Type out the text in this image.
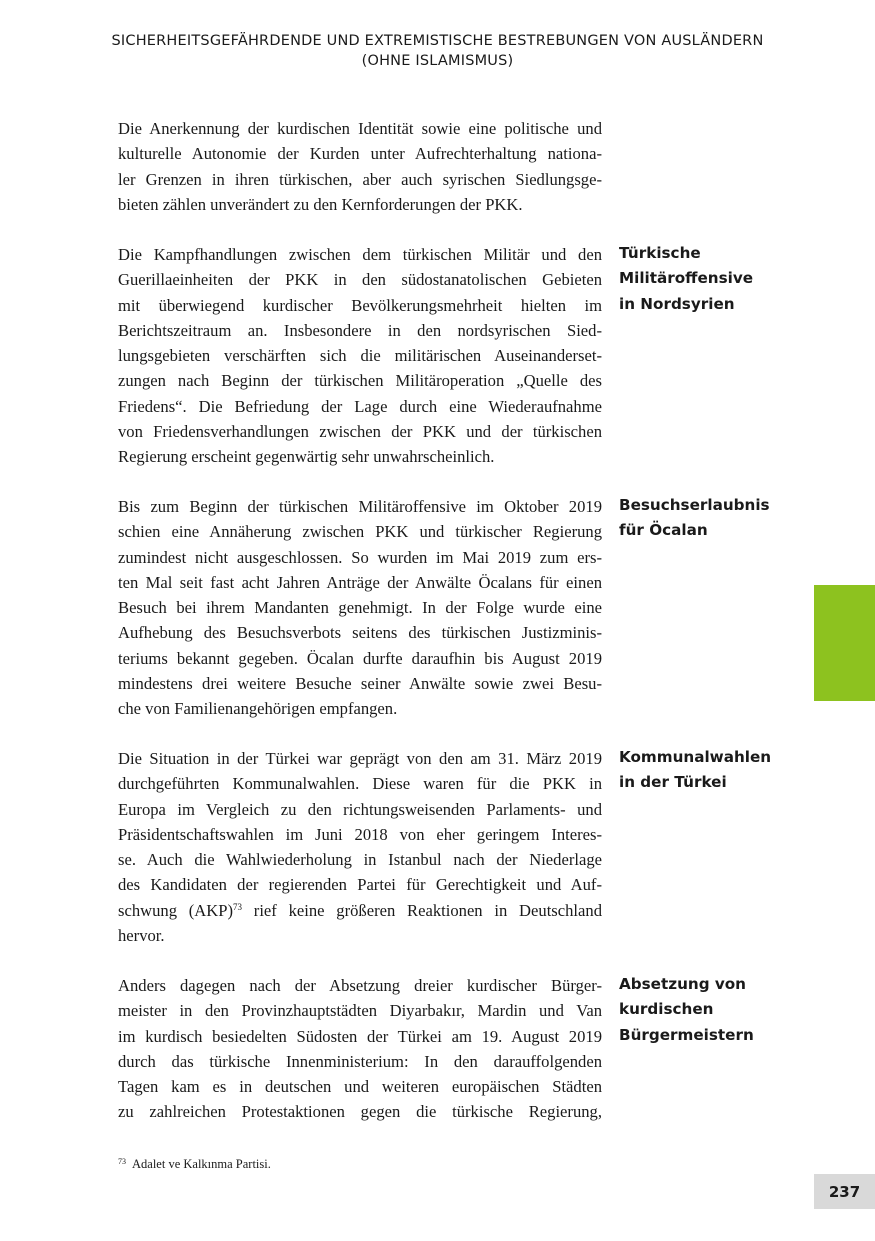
SICHERHEITSGEFÄHRDENDE UND EXTREMISTISCHE BESTREBUNGEN VON AUSLÄNDERN
(OHNE ISLAMISMUS)
Die Anerkennung der kurdischen Identität sowie eine politische und
kulturelle Autonomie der Kurden unter Aufrechterhaltung nationa-
ler Grenzen in ihren türkischen, aber auch syrischen Siedlungsge-
bieten zählen unverändert zu den Kernforderungen der PKK.
Die Kampfhandlungen zwischen dem türkischen Militär und den
Guerillaeinheiten der PKK in den südostanatolischen Gebieten
mit überwiegend kurdischer Bevölkerungsmehrheit hielten im
Berichtszeitraum an. Insbesondere in den nordsyrischen Sied-
lungsgebieten verschärften sich die militärischen Auseinanderset-
zungen nach Beginn der türkischen Militäroperation „Quelle des
Friedens“. Die Befriedung der Lage durch eine Wiederaufnahme
von Friedensverhandlungen zwischen der PKK und der türkischen
Regierung erscheint gegenwärtig sehr unwahrscheinlich.
Bis zum Beginn der türkischen Militäroffensive im Oktober 2019
schien eine Annäherung zwischen PKK und türkischer Regierung
zumindest nicht ausgeschlossen. So wurden im Mai 2019 zum ers-
ten Mal seit fast acht Jahren Anträge der Anwälte Öcalans für einen
Besuch bei ihrem Mandanten genehmigt. In der Folge wurde eine
Aufhebung des Besuchsverbots seitens des türkischen Justizminis-
teriums bekannt gegeben. Öcalan durfte daraufhin bis August 2019
mindestens drei weitere Besuche seiner Anwälte sowie zwei Besu-
che von Familienangehörigen empfangen.
Die Situation in der Türkei war geprägt von den am 31. März 2019
durchgeführten Kommunalwahlen. Diese waren für die PKK in
Europa im Vergleich zu den richtungsweisenden Parlaments- und
Präsidentschaftswahlen im Juni 2018 von eher geringem Interes-
se. Auch die Wahlwiederholung in Istanbul nach der Niederlage
des Kandidaten der regierenden Partei für Gerechtigkeit und Auf-
schwung (AKP)$^{73}$ rief keine größeren Reaktionen in Deutschland
hervor.
Anders dagegen nach der Absetzung dreier kurdischer Bürger-
meister in den Provinzhauptstädten Diyarbakır, Mardin und Van
im kurdisch besiedelten Südosten der Türkei am 19. August 2019
durch das türkische Innenministerium: In den darauffolgenden
Tagen kam es in deutschen und weiteren europäischen Städten
zu zahlreichen Protestaktionen gegen die türkische Regierung,
Türkische
Militäroffensive
in Nordsyrien
Besuchserlaubnis
für Öcalan
Kommunalwahlen
in der Türkei
Absetzung von
kurdischen
Bürgermeistern
$^{73}$ Adalet ve Kalkınma Partisi.
237
